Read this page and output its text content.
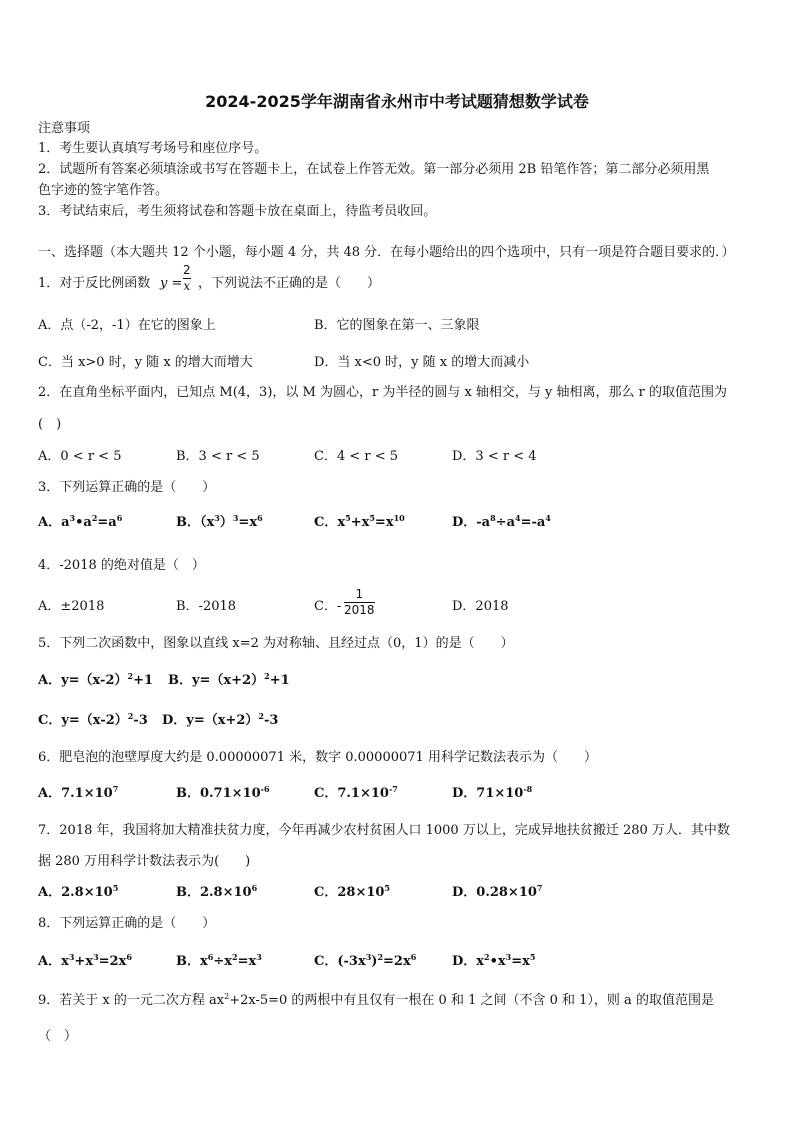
2024-2025学年湖南省永州市中考试题猜想数学试卷
注意事项
1．考生要认真填写考场号和座位序号。
2．试题所有答案必须填涂或书写在答题卡上，在试卷上作答无效。第一部分必须用 2B 铅笔作答；第二部分必须用黑
色字迹的签字笔作答。
3．考试结束后，考生须将试卷和答题卡放在桌面上，待监考员收回。
一、选择题（本大题共 12 个小题，每小题 4 分，共 48 分．在每小题给出的四个选项中，只有一项是符合题目要求的．）
1．对于反比例函数 y =
2
x ，下列说法不正确的是（　　）
A．点（-2，-1）在它的图象上	B．它的图象在第一、三象限
C．当 x>0 时，y 随 x 的增大而增大	D．当 x<0 时，y 随 x 的增大而减小
2．在直角坐标平面内，已知点 M(4，3)，以 M 为圆心，r 为半径的圆与 x 轴相交，与 y 轴相离，那么 r 的取值范围为
(　)
A．0 < r < 5	B．3 < r < 5	C．4 < r < 5	D．3 < r < 4
3．下列运算正确的是（　　）
A．$a^3•a^2=a^6$	B．$(x^3)^3=x^6$	C．$x^5+x^5=x^{10}$	D．$-a^8\div a^4=-a^4$
4．-2018 的绝对值是（　）
A．±2018	B．-2018	C．-
1
2018	D．2018
5．下列二次函数中，图象以直线 x=2 为对称轴、且经过点（0，1）的是（　　）
A．$y=(x-2)^2+1$ B．$y=(x+2)^2+1$
C．$y=(x-2)^2-3$ D．$y=(x+2)^2-3$
6．肥皂泡的泡壁厚度大约是 0.00000071 米，数字 0.00000071 用科学记数法表示为（　　）
A．$7.1\times 10^7$	B．$0.71\times 10^{-6}$	C．$7.1\times 10^{-7}$	D．$71\times 10^{-8}$
7．2018 年，我国将加大精准扶贫力度，今年再减少农村贫困人口 1000 万以上，完成异地扶贫搬迁 280 万人．其中数
据 280 万用科学计数法表示为(　　)
A．$2.8\times 10^5$	B．$2.8\times 10^6$	C．$28\times 10^5$	D．$0.28\times 10^7$
8．下列运算正确的是（　　）
A．$x^3+x^3=2x^6$	B．$x^6\div x^2=x^3$	C．$(-3x^3)^2=2x^6$	D．$x^2•x^3=x^5$
9．若关于 x 的一元二次方程 $ax^2+2x-5=0$ 的两根中有且仅有一根在 0 和 1 之间（不含 0 和 1），则 a 的取值范围是
（　）
